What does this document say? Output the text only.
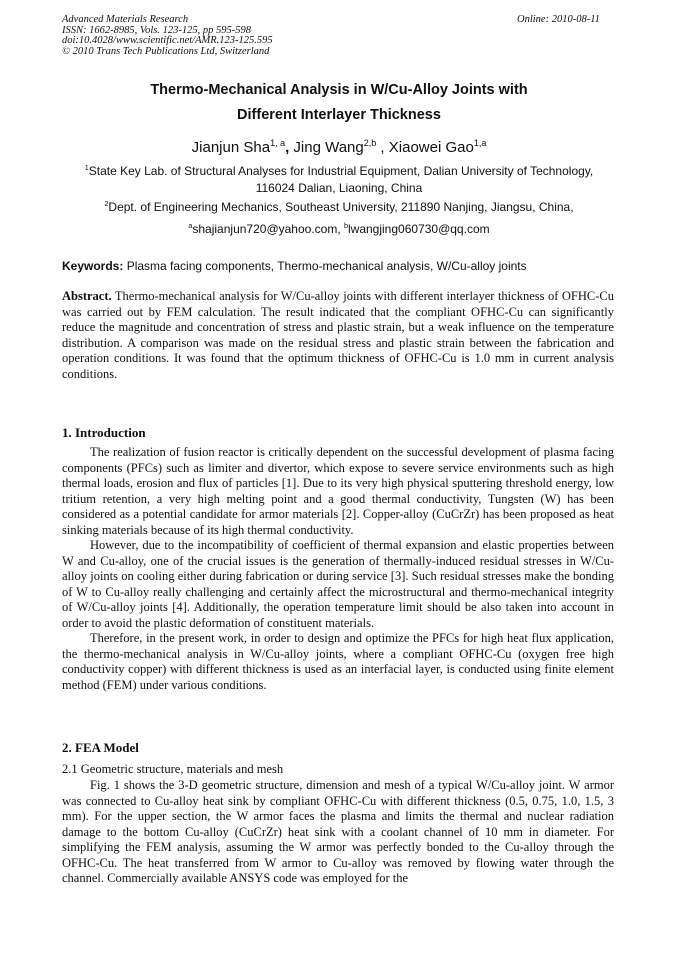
Advanced Materials Research
ISSN: 1662-8985, Vols. 123-125, pp 595-598
doi:10.4028/www.scientific.net/AMR.123-125.595
© 2010 Trans Tech Publications Ltd, Switzerland
Online: 2010-08-11
Thermo-Mechanical Analysis in W/Cu-Alloy Joints with
Different Interlayer Thickness
Jianjun Sha$^{1, a}$, Jing Wang$^{2,b}$ , Xiaowei Gao$^{1,a}$
$^1$State Key Lab. of Structural Analyses for Industrial Equipment, Dalian University of Technology,
116024 Dalian, Liaoning, China
$^2$Dept. of Engineering Mechanics, Southeast University, 211890 Nanjing, Jiangsu, China,
$^a$shajianjun720@yahoo.com, $^b$lwangjing060730@qq.com
Keywords: Plasma facing components, Thermo-mechanical analysis, W/Cu-alloy joints

Abstract. Thermo-mechanical analysis for W/Cu-alloy joints with different interlayer thickness of OFHC-Cu was carried out by FEM calculation. The result indicated that the compliant OFHC-Cu can significantly reduce the magnitude and concentration of stress and plastic strain, but a weak influence on the temperature distribution. A comparison was made on the residual stress and plastic strain between the fabrication and operation conditions. It was found that the optimum thickness of OFHC-Cu is 1.0 mm in current analysis conditions.

1. Introduction

The realization of fusion reactor is critically dependent on the successful development of plasma facing components (PFCs) such as limiter and divertor, which expose to severe service environments such as high thermal loads, erosion and flux of particles [1]. Due to its very high physical sputtering threshold energy, low tritium retention, a very high melting point and a good thermal conductivity, Tungsten (W) has been considered as a potential candidate for armor materials [2]. Copper-alloy (CuCrZr) has been proposed as heat sinking materials because of its high thermal conductivity.

However, due to the incompatibility of coefficient of thermal expansion and elastic properties between W and Cu-alloy, one of the crucial issues is the generation of thermally-induced residual stresses in W/Cu-alloy joints on cooling either during fabrication or during service [3]. Such residual stresses make the bonding of W to Cu-alloy really challenging and certainly affect the microstructural and thermo-mechanical integrity of W/Cu-alloy joints [4]. Additionally, the operation temperature limit should be also taken into account in order to avoid the plastic deformation of constituent materials.

Therefore, in the present work, in order to design and optimize the PFCs for high heat flux application, the thermo-mechanical analysis in W/Cu-alloy joints, where a compliant OFHC-Cu (oxygen free high conductivity copper) with different thickness is used as an interfacial layer, is conducted using finite element method (FEM) under various conditions.

2. FEA Model
2.1 Geometric structure, materials and mesh

Fig. 1 shows the 3-D geometric structure, dimension and mesh of a typical W/Cu-alloy joint. W armor was connected to Cu-alloy heat sink by compliant OFHC-Cu with different thickness (0.5, 0.75, 1.0, 1.5, 3 mm). For the upper section, the W armor faces the plasma and limits the thermal and nuclear radiation damage to the bottom Cu-alloy (CuCrZr) heat sink with a coolant channel of 10 mm in diameter. For simplifying the FEM analysis, assuming the W armor was perfectly bonded to the Cu-alloy through the OFHC-Cu. The heat transferred from W armor to Cu-alloy was removed by flowing water through the channel. Commercially available ANSYS code was employed for the
